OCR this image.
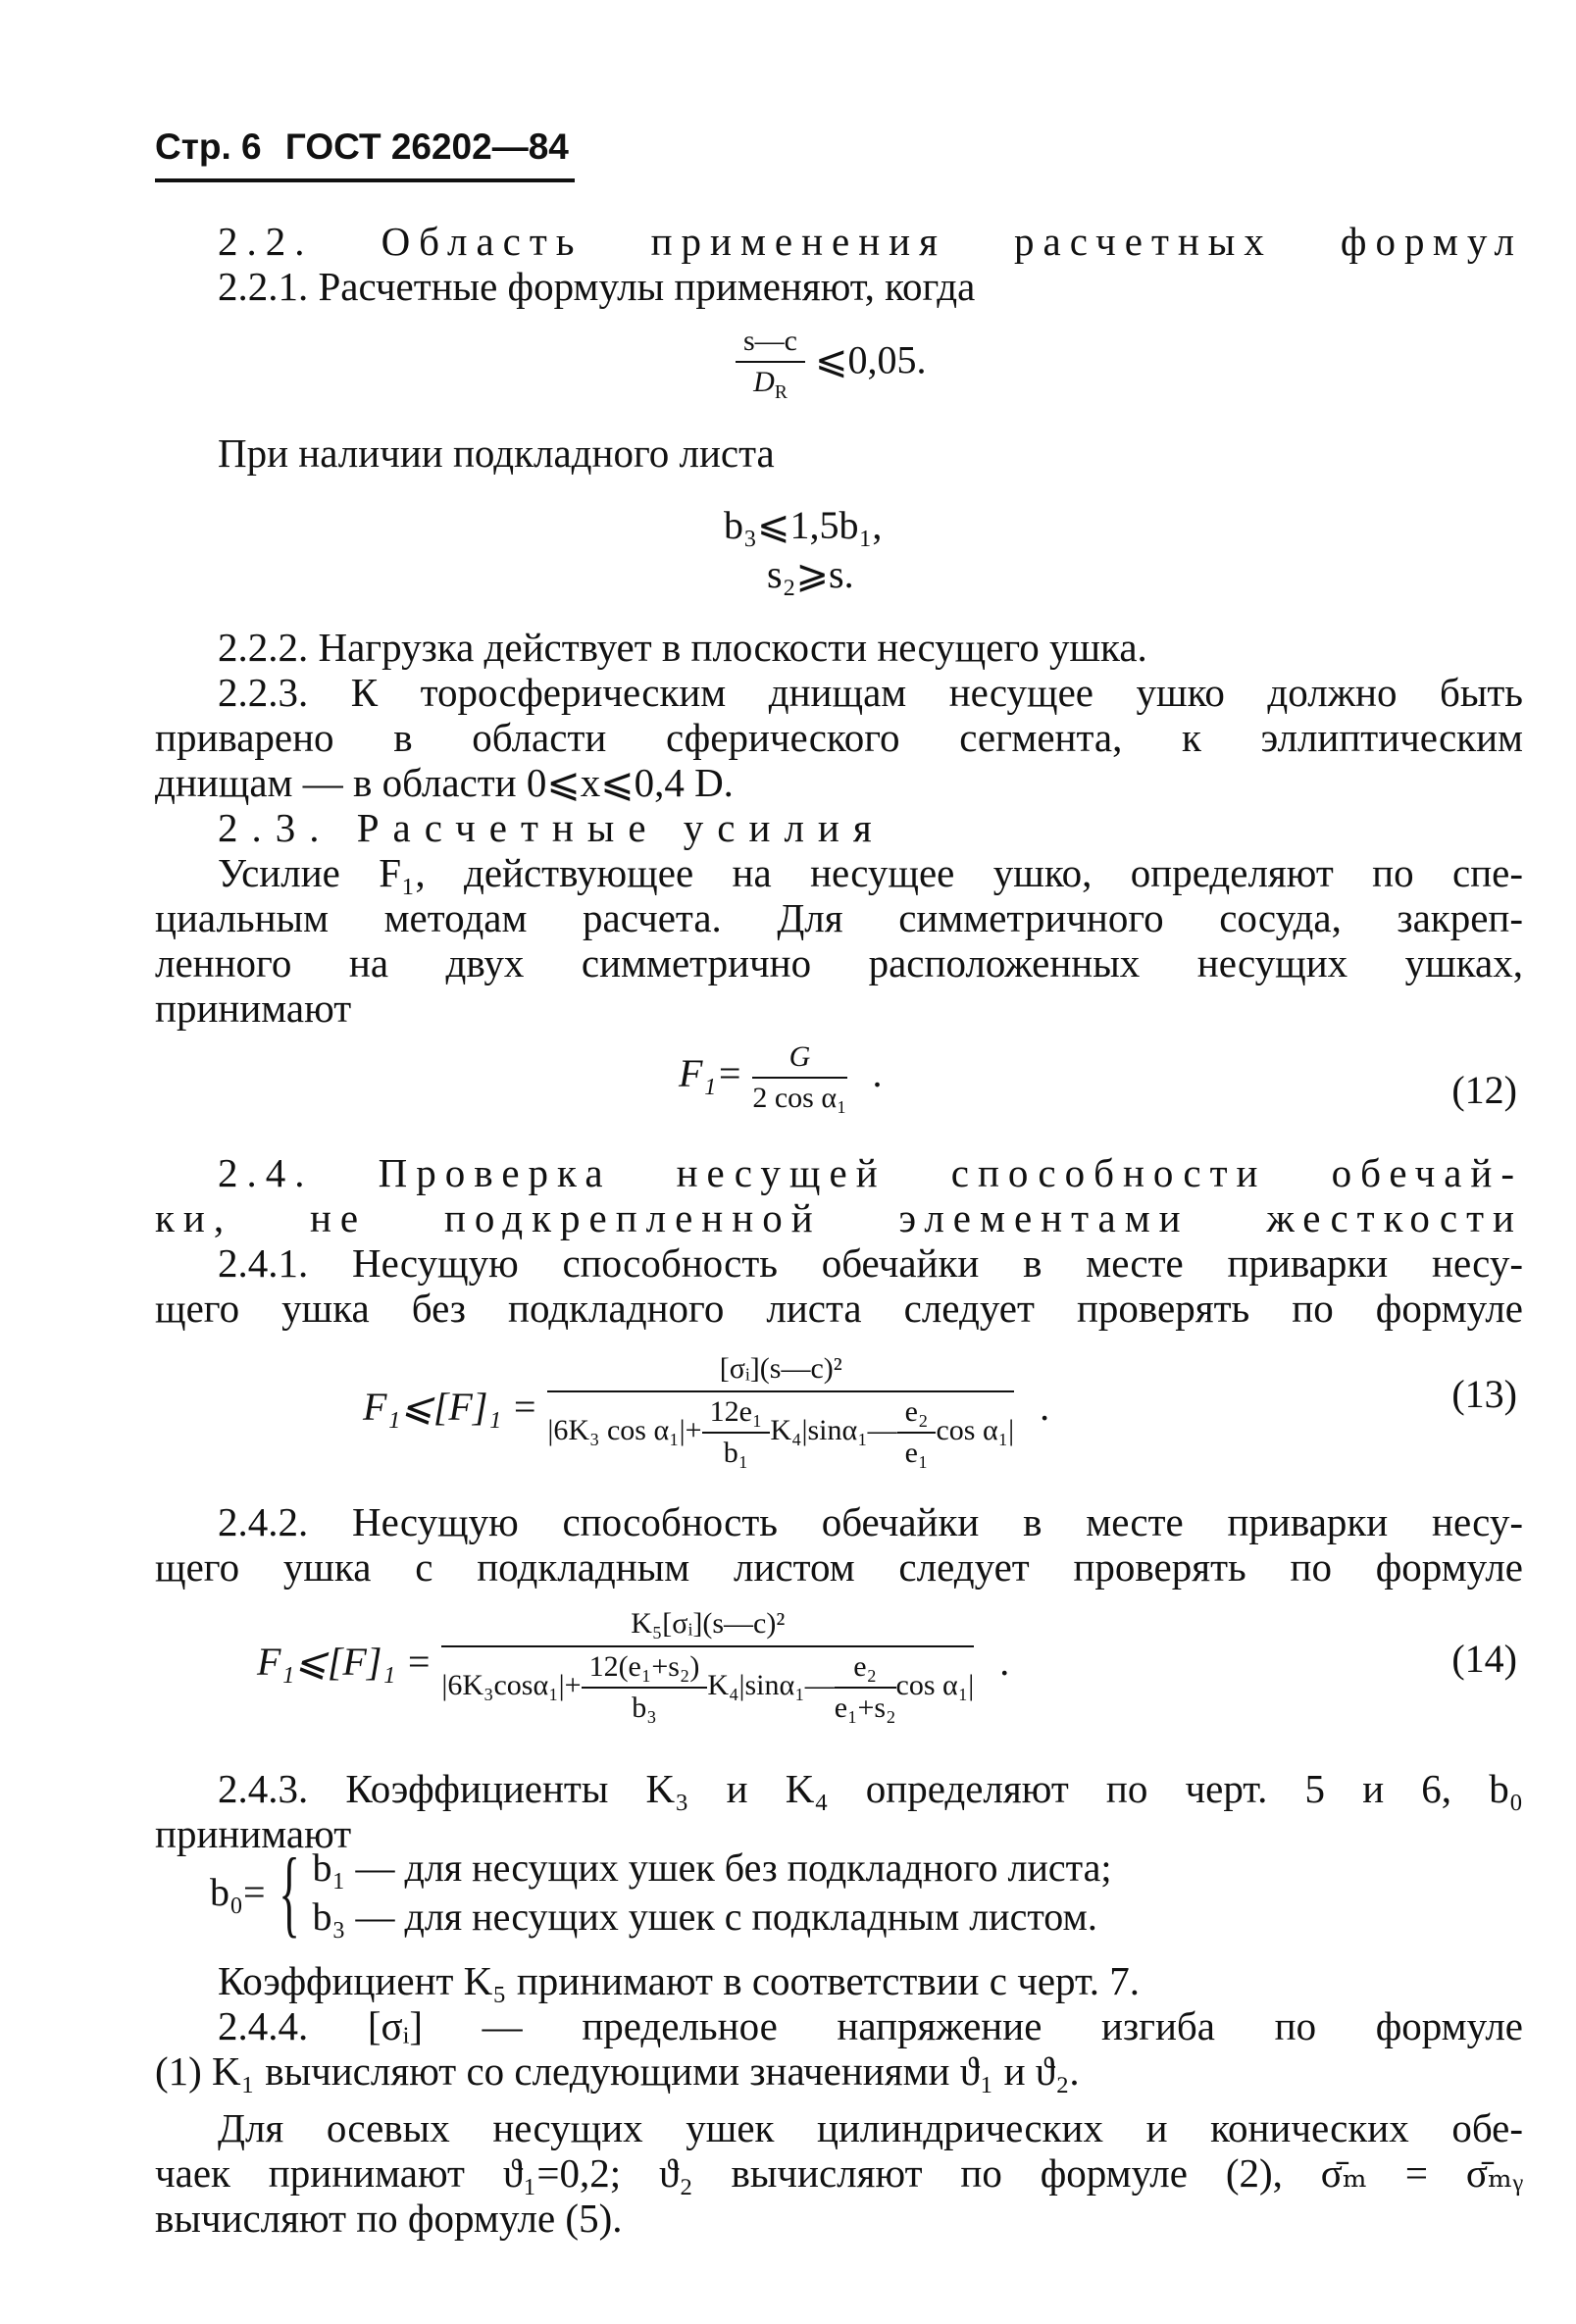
Стр. 6 ГОСТ 26202—84
2.2. Область применения расчетных формул
2.2.1. Расчетные формулы применяют, когда
$\frac{s—c}{D_R}$ ⩽0,05.
При наличии подкладного листа
b₃⩽1,5b₁,
s₂⩾s.
2.2.2. Нагрузка действует в плоскости несущего ушка.
2.2.3. К торосферическим днищам несущее ушко должно быть
приварено в области сферического сегмента, к эллиптическим
днищам — в области 0⩽x⩽0,4 D.
2.3. Расчетные усилия
Усилие F₁, действующее на несущее ушко, определяют по спе-
циальным методам расчета. Для симметричного сосуда, закреп-
ленного на двух симметрично расположенных несущих ушках,
принимают
$F_1= \frac{G}{\text{2 cos α₁}}$ .	(12)
2.4. Проверка несущей способности обечай-
ки, не подкрепленной элементами жесткости
2.4.1. Несущую способность обечайки в месте приварки несу-
щего ушка без подкладного листа следует проверять по формуле
F₁⩽[F]₁ = $\frac{\text{[σᵢ](s—c)²}}{|6K_3 \cos \alpha_1|+ \frac{\text{12e₁}}{\text{b₁}} K_4|\sin\alpha_1— \frac{\text{e₂}}{\text{e₁}} \cos \alpha_1|}$ .	(13)
2.4.2. Несущую способность обечайки в месте приварки несу-
щего ушка с подкладным листом следует проверять по формуле
F₁⩽[F]₁ = $\frac{\text{K₅[σᵢ](s—c)²}}{|6K_3\cos\alpha_1|+ \frac{\text{12(e₁+s₂)}}{\text{b₃}} K_4|\sin\alpha_1— \frac{\text{e₂}}{\text{e₁+s₂}} \cos \alpha_1|}$ .	(14)
2.4.3. Коэффициенты K₃ и K₄ определяют по черт. 5 и 6, b₀
принимают
b₀= { b₁ — для несущих ушек без подкладного листа;
b₃ — для несущих ушек с подкладным листом.
Коэффициент K₅ принимают в соответствии с черт. 7.
2.4.4. [σᵢ] — предельное напряжение изгиба по формуле
(1) K₁ вычисляют со следующими значениями ϑ₁ и ϑ₂.
Для осевых несущих ушек цилиндрических и конических обе-
чаек принимают ϑ₁=0,2; ϑ₂ вычисляют по формуле (2), σ̄ₘ = σ̄ₘᵧ
вычисляют по формуле (5).
